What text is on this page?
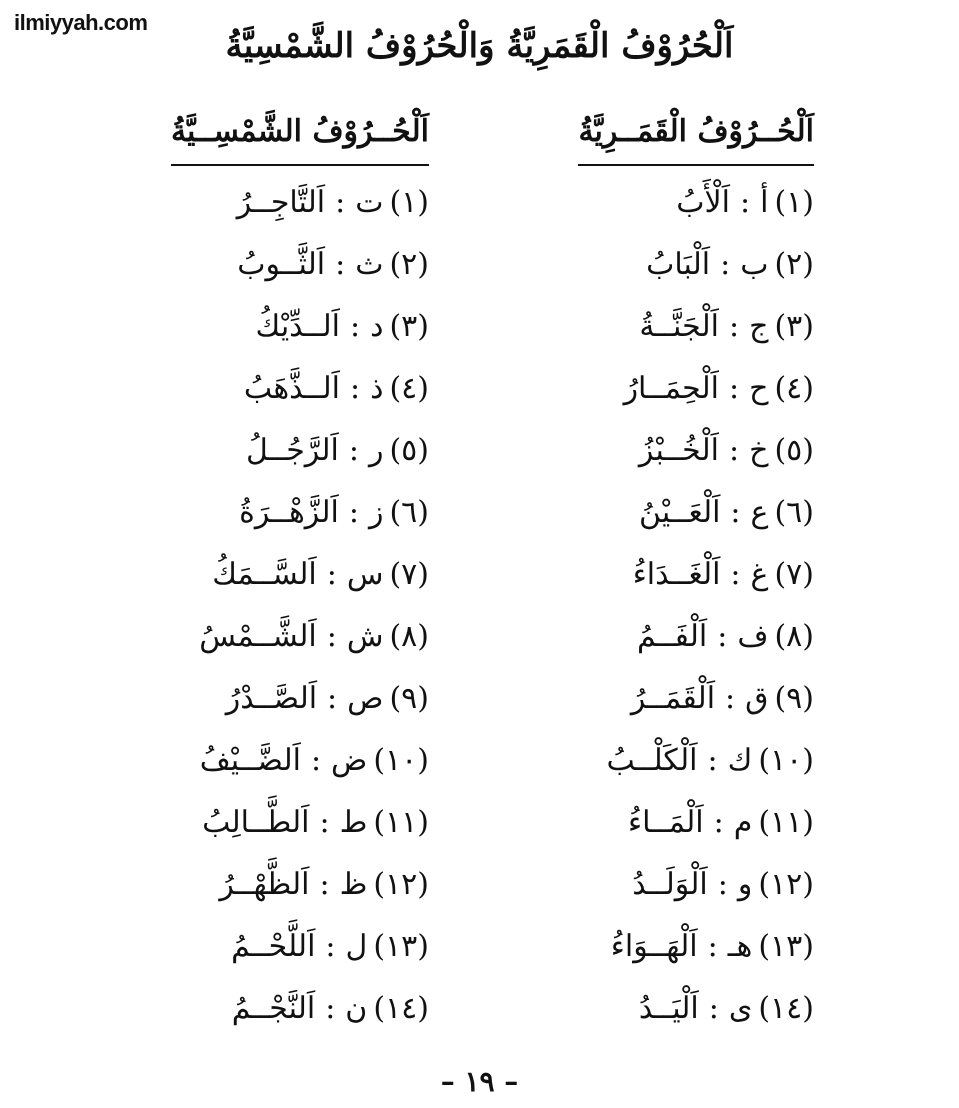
ilmiyyah.com
اَلْحُرُوْفُ الْقَمَرِيَّةُ وَالْحُرُوْفُ الشَّمْسِيَّةُ
اَلْحُــرُوْفُ الْقَمَــرِيَّةُ
(١)أ:اَلْأَبُ
(٢)ب:اَلْبَابُ
(٣)ج:اَلْجَنَّــةُ
(٤)ح:اَلْحِمَــارُ
(٥)خ:اَلْخُــبْزُ
(٦)ع:اَلْعَــيْنُ
(٧)غ:اَلْغَــدَاءُ
(٨)ف:اَلْفَــمُ
(٩)ق:اَلْقَمَــرُ
(١٠)ك:اَلْكَلْــبُ
(١١)م:اَلْمَــاءُ
(١٢)و:اَلْوَلَــدُ
(١٣)هـ:اَلْهَــوَاءُ
(١٤)ى:اَلْيَــدُ
اَلْحُــرُوْفُ الشَّمْسِــيَّةُ
(١)ت:اَلتَّاجِــرُ
(٢)ث:اَلثَّــوبُ
(٣)د:اَلــدِّيْكُ
(٤)ذ:اَلــذَّهَبُ
(٥)ر:اَلرَّجُــلُ
(٦)ز:اَلزَّهْــرَةُ
(٧)س:اَلسَّــمَكُ
(٨)ش:اَلشَّــمْسُ
(٩)ص:اَلصَّــدْرُ
(١٠)ض:اَلضَّــيْفُ
(١١)ط:اَلطَّــالِبُ
(١٢)ظ:اَلظَّهْــرُ
(١٣)ل:اَللَّحْــمُ
(١٤)ن:اَلنَّجْــمُ
– ١٩ –
